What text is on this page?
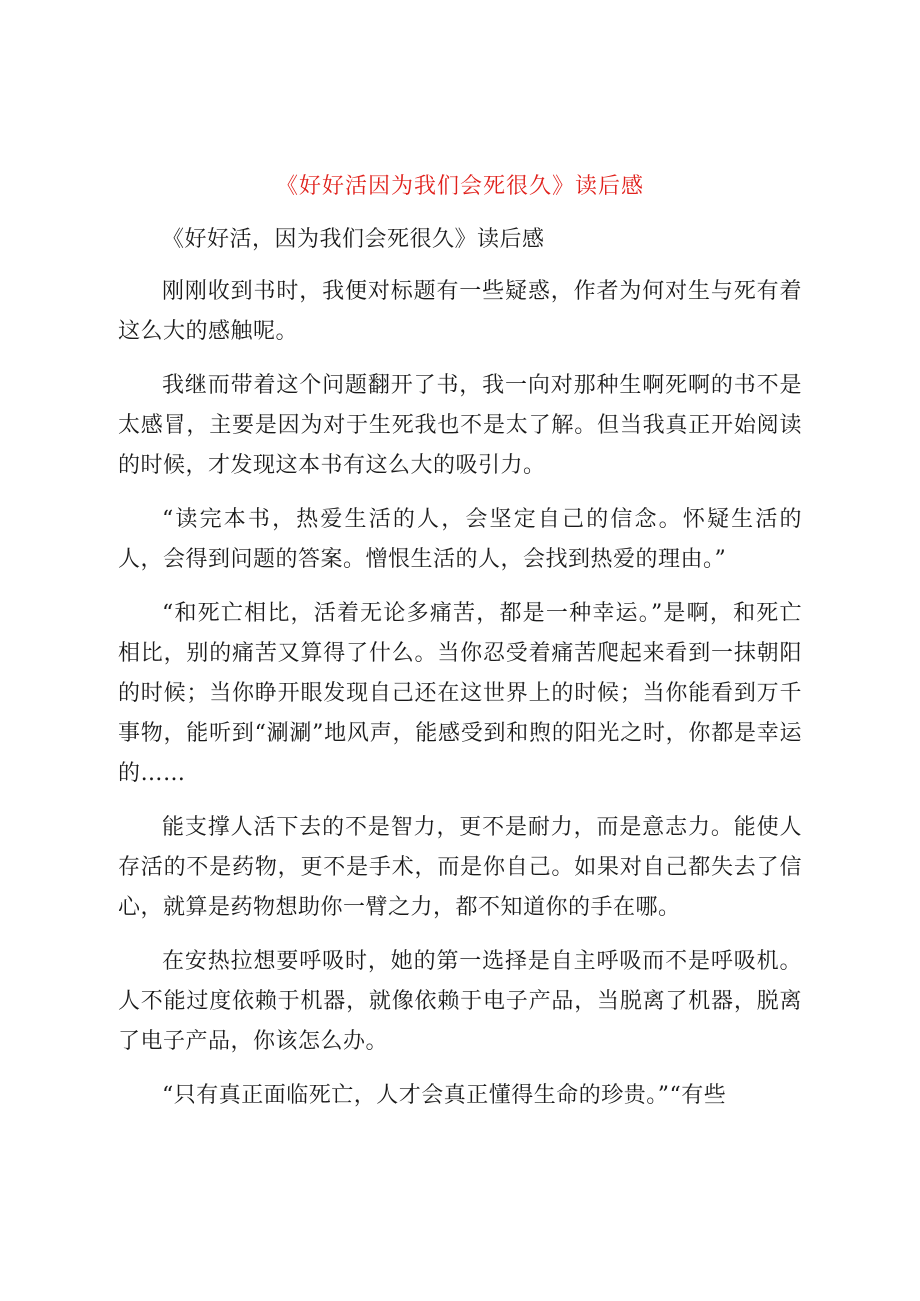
《好好活因为我们会死很久》读后感

《好好活，因为我们会死很久》读后感

刚刚收到书时，我便对标题有一些疑惑，作者为何对生与死有着这么大的感触呢。

我继而带着这个问题翻开了书，我一向对那种生啊死啊的书不是太感冒，主要是因为对于生死我也不是太了解。但当我真正开始阅读的时候，才发现这本书有这么大的吸引力。

“读完本书，热爱生活的人，会坚定自己的信念。怀疑生活的人，会得到问题的答案。憎恨生活的人，会找到热爱的理由。”

“和死亡相比，活着无论多痛苦，都是一种幸运。”是啊，和死亡相比，别的痛苦又算得了什么。当你忍受着痛苦爬起来看到一抹朝阳的时候；当你睁开眼发现自己还在这世界上的时候；当你能看到万千事物，能听到“涮涮”地风声，能感受到和煦的阳光之时，你都是幸运的……

能支撑人活下去的不是智力，更不是耐力，而是意志力。能使人存活的不是药物，更不是手术，而是你自己。如果对自己都失去了信心，就算是药物想助你一臂之力，都不知道你的手在哪。

在安热拉想要呼吸时，她的第一选择是自主呼吸而不是呼吸机。人不能过度依赖于机器，就像依赖于电子产品，当脱离了机器，脱离了电子产品，你该怎么办。

“只有真正面临死亡，人才会真正懂得生命的珍贵。”“有些
